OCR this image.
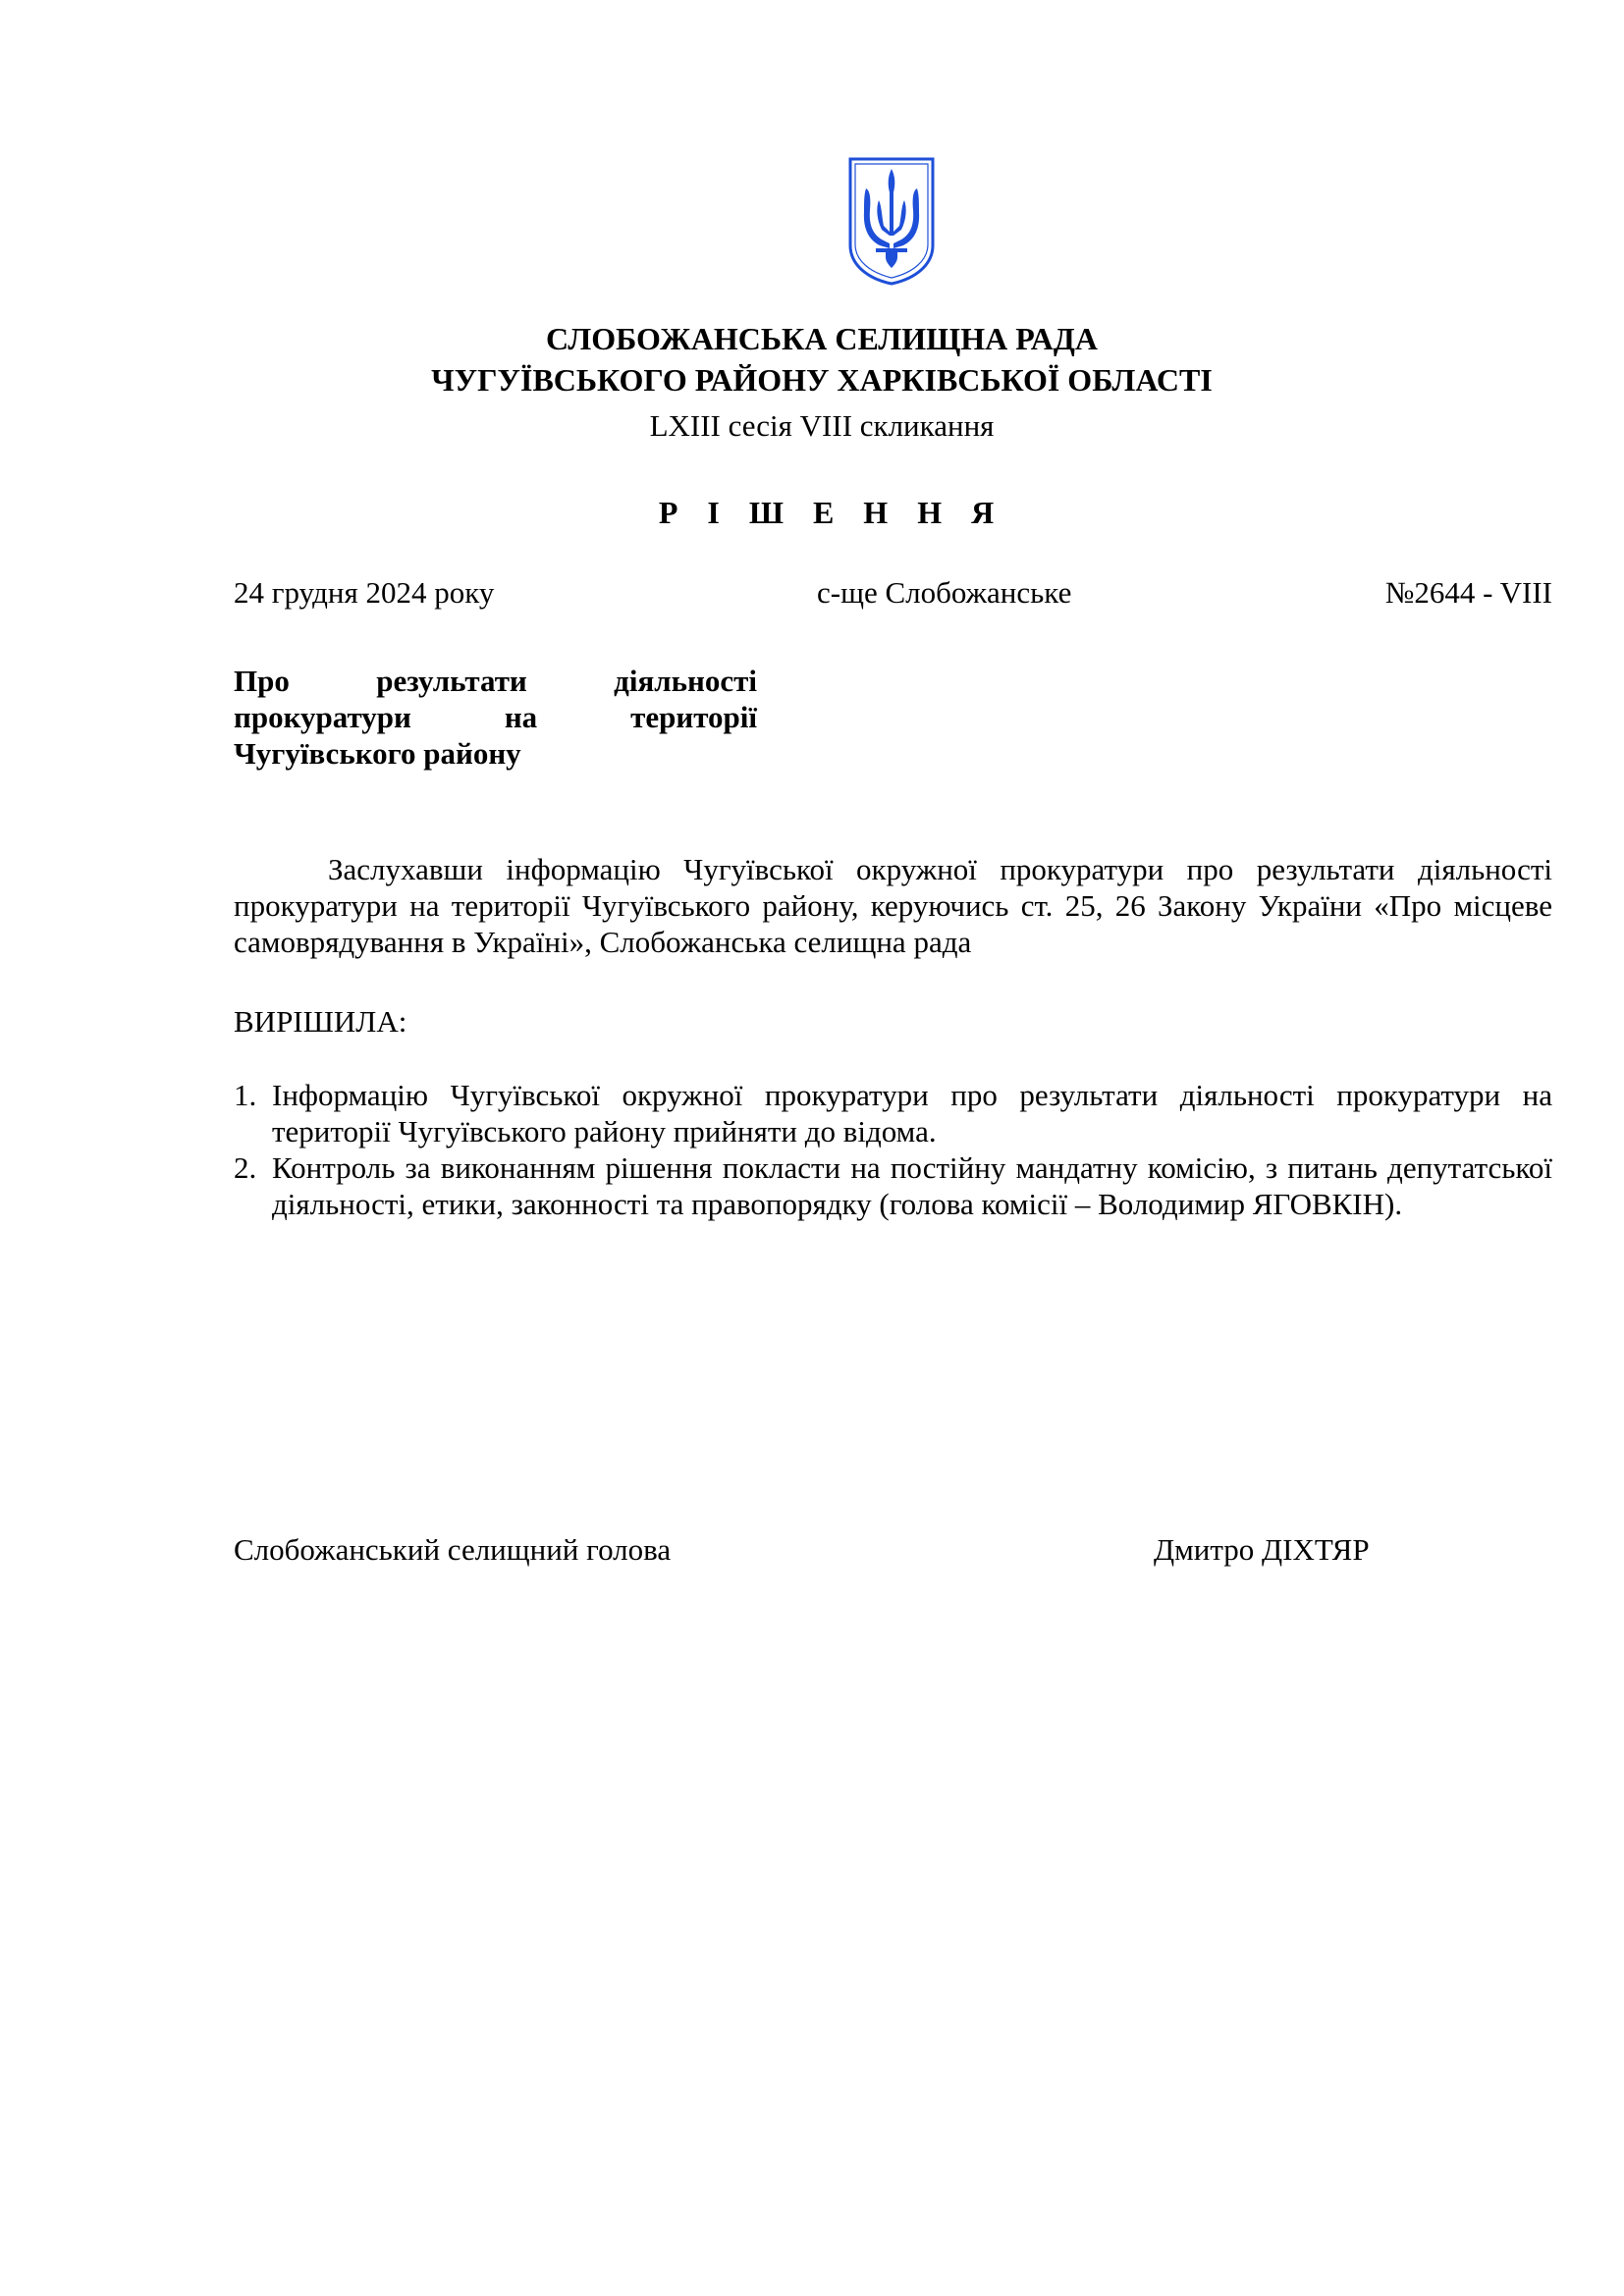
СЛОБОЖАНСЬКА СЕЛИЩНА РАДА
ЧУГУЇВСЬКОГО РАЙОНУ ХАРКІВСЬКОЇ ОБЛАСТІ
LXIII сесія VIII скликання
Р І Ш Е Н Н Я
24 грудня 2024 року	с-ще Слобожанське	№2644 - VIII
Про результати діяльності
прокуратури на території
Чугуївського району

Заслухавши інформацію Чугуївської окружної прокуратури про результати діяльності прокуратури на території Чугуївського району, керуючись ст. 25, 26 Закону України «Про місцеве самоврядування в Україні», Слобожанська селищна рада

ВИРІШИЛА:
1. Інформацію Чугуївської окружної прокуратури про результати діяльності прокуратури на території Чугуївського району прийняти до відома.
2. Контроль за виконанням рішення покласти на постійну мандатну комісію, з питань депутатської діяльності, етики, законності та правопорядку (голова комісії – Володимир ЯГОВКІН).
Слобожанський селищний голова	Дмитро ДІХТЯР
